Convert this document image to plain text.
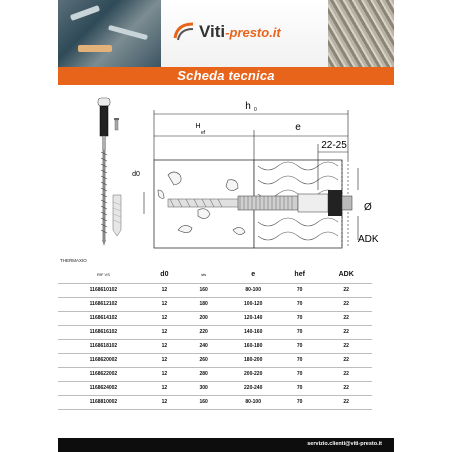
Viti-presto.it
Scheda tecnica
h 0
H
ef	e
22-25
d0
Ø
ADK
THERMAXIO
RIF VS	d0	sfs	e	hef	ADK
1168610102	12	160	80-100	70	22
1168612102	12	180	100-120	70	22
1168614102	12	200	120-140	70	22
1168616102	12	220	140-160	70	22
1168618102	12	240	160-180	70	22
1168620002	12	260	180-200	70	22
1168622002	12	280	200-220	70	22
1168624002	12	300	220-240	70	22
1168810002	12	160	80-100	70	22
servizio.clienti@viti-presto.it
